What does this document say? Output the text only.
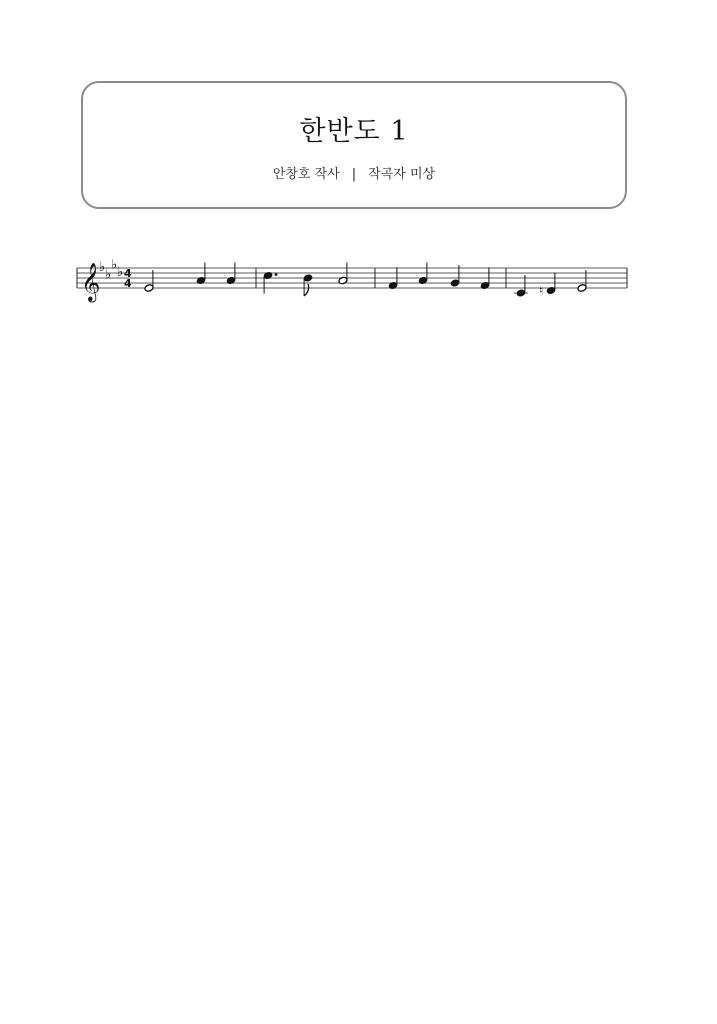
한반도 1
안창호 작사 | 작곡자 미상
𝄞
♭ ♭
♭ ♭ 4
4	♮
